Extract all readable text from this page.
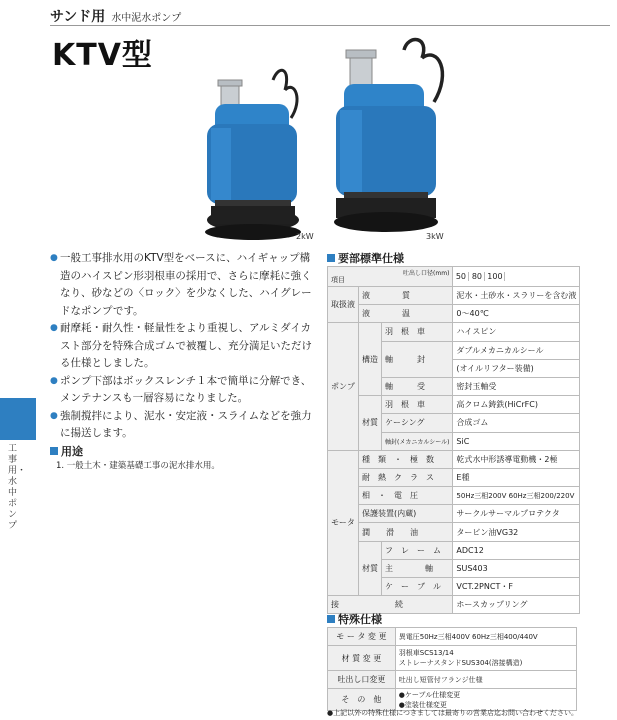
サンド用 水中泥水ポンプ
KTV型
2kW	3kW
工事用・水中ポンプ
● 一般工事排水用のKTV型をベースに、ハイギャップ構造のハイスピン形羽根車の採用で、さらに摩耗に強くなり、砂などの〈ロック〉を少なくした、ハイグレードなポンプです。
● 耐摩耗・耐久性・軽量性をより重視し、アルミダイカスト部分を特殊合成ゴムで被覆し、充分満足いただける仕様としました。
● ポンプ下部はボックスレンチ１本で簡単に分解でき、メンテナンスも一層容易になりました。
● 強制撹拌により、泥水・安定液・スライムなどを強力に揚送します。
用途
1. 一般土木・建築基礎工事の泥水排水用。
要部標準仕様
項目
吐出し口径(mm)			50 80 100
取扱液	液　　　　質		泥水・土砂水・スラリーを含む液
	液　　　　温		0〜40℃
ポンプ	構造	羽　根　車	ハイスピン
		軸　　　封	ダブルメカニカルシール
			(オイルリフター装備)
		軸　　　受	密封玉軸受
	材質	羽　根　車	高クロム鋳鉄(HiCrFC)
		ケーシング	合成ゴム
		軸封(メカニカルシール)	SiC
モータ	種　類　・　極　数		乾式水中形誘導電動機・2極
	耐　熱　ク　ラ　ス		E種
	相　・　電　圧		50Hz三相200V 60Hz三相200/220V
	保護装置(内蔵)		サークルサーマルプロテクタ
	潤　　滑　　油		タービン油VG32
	材質	フ　レ　ー　ム	ADC12
		主　　　　軸	SUS403
		ケ　ー　ブ　ル	VCT.2PNCT・F
接　　　　　　　続			ホースカップリング
特殊仕様
モ ー タ 変 更	異電圧50Hz三相400V 60Hz三相400/440V
材 質 変 更	羽根車SCS13/14
ストレーナスタンドSUS304(溶接構造)
吐出し口変更	吐出し短管付フランジ仕様
そ　の　他	●ケーブル仕様変更
●塗装仕様変更
●上記以外の特殊仕様につきましては最寄りの営業店迄お問い合わせください。
